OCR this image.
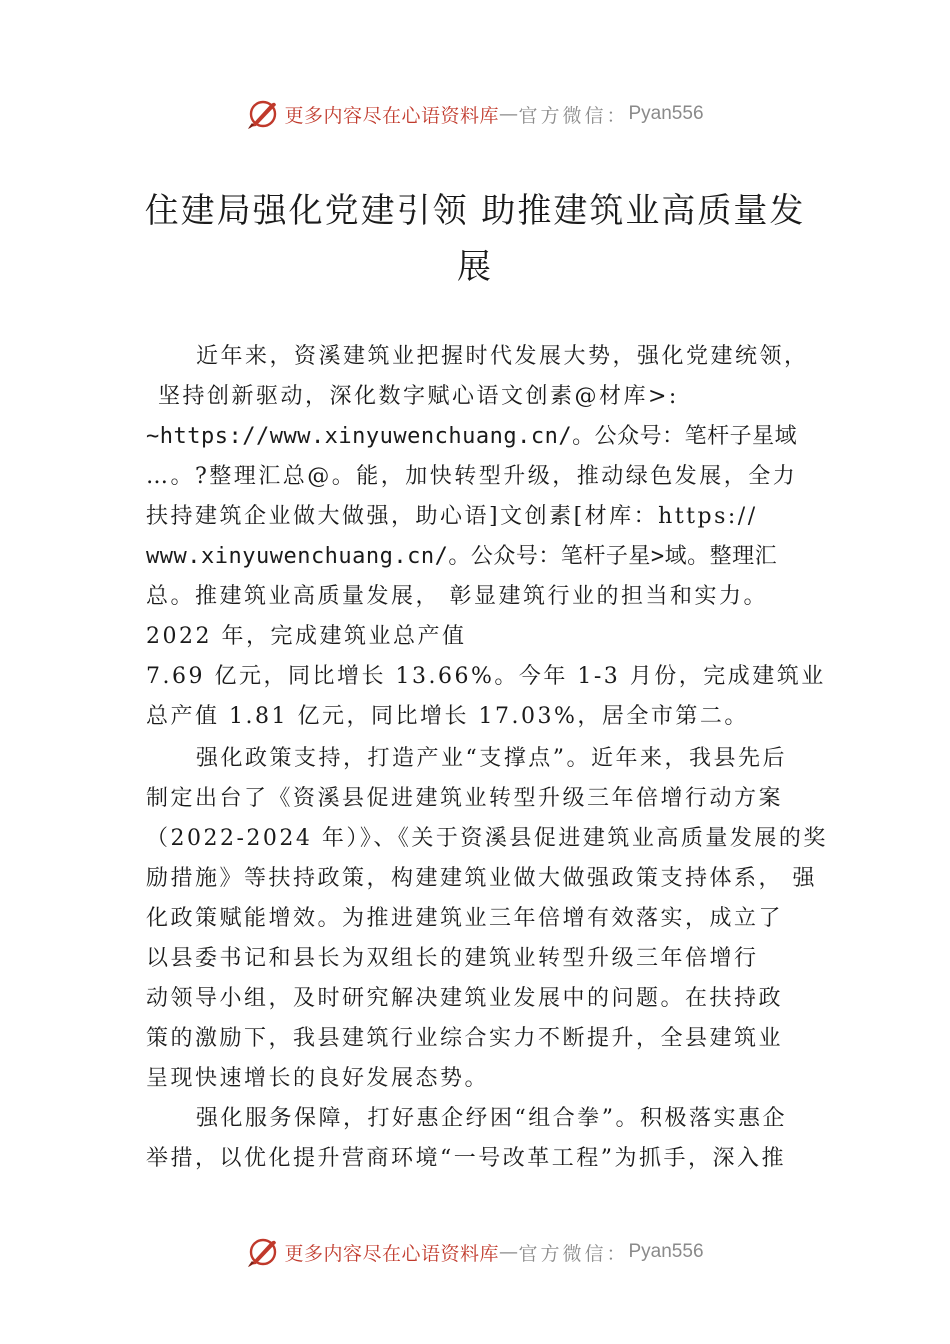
更多内容尽在心语资料库 — 官方微信： Pyan556
住建局强化党建引领 助推建筑业高质量发
展
近年来，资溪建筑业把握时代发展大势，强化党建统领，
坚持创新驱动，深化数字赋心语文创素@材库>:
~https://www.xinyuwenchuang.cn/。公众号：笔杆子星域
…。?整理汇总@。能，加快转型升级，推动绿色发展，全力
扶持建筑企业做大做强，助心语]文创素[材库：https://
www.xinyuwenchuang.cn/。公众号：笔杆子星>域。整理汇
总。推建筑业高质量发展， 彰显建筑行业的担当和实力。
2022 年，完成建筑业总产值
7.69 亿元，同比增长 13.66%。今年 1-3 月份，完成建筑业
总产值 1.81 亿元，同比增长 17.03%，居全市第二。
强化政策支持，打造产业“支撑点”。近年来，我县先后
制定出台了《资溪县促进建筑业转型升级三年倍增行动方案
（2022-2024 年）》、《关于资溪县促进建筑业高质量发展的奖
励措施》等扶持政策，构建建筑业做大做强政策支持体系， 强
化政策赋能增效。为推进建筑业三年倍增有效落实，成立了
以县委书记和县长为双组长的建筑业转型升级三年倍增行
动领导小组，及时研究解决建筑业发展中的问题。在扶持政
策的激励下，我县建筑行业综合实力不断提升，全县建筑业
呈现快速增长的良好发展态势。
强化服务保障，打好惠企纾困“组合拳”。积极落实惠企
举措，以优化提升营商环境“一号改革工程”为抓手，深入推
更多内容尽在心语资料库 — 官方微信： Pyan556
